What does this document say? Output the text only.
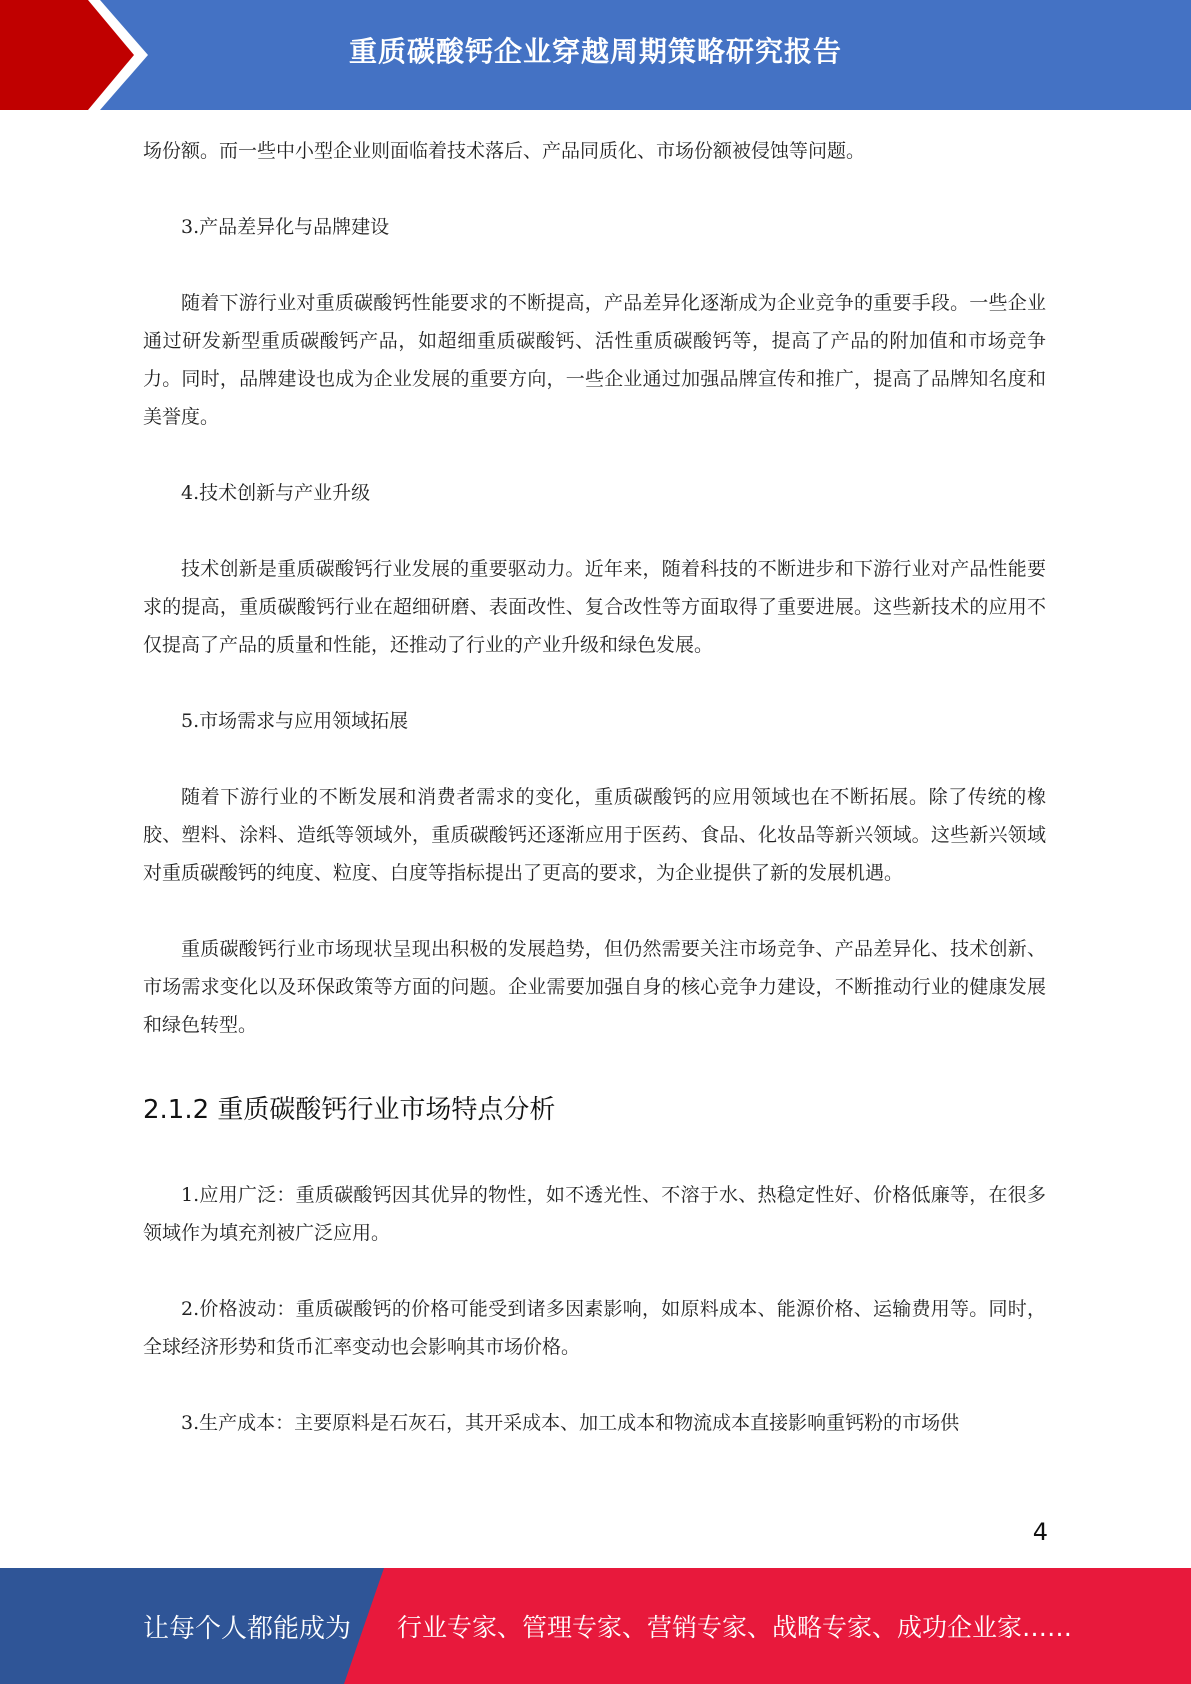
重质碳酸钙企业穿越周期策略研究报告

场份额。而一些中小型企业则面临着技术落后、产品同质化、市场份额被侵蚀等问题。

3.产品差异化与品牌建设

随着下游行业对重质碳酸钙性能要求的不断提高，产品差异化逐渐成为企业竞争的重要手段。一些企业通过研发新型重质碳酸钙产品，如超细重质碳酸钙、活性重质碳酸钙等，提高了产品的附加值和市场竞争力。同时，品牌建设也成为企业发展的重要方向，一些企业通过加强品牌宣传和推广，提高了品牌知名度和美誉度。

4.技术创新与产业升级

技术创新是重质碳酸钙行业发展的重要驱动力。近年来，随着科技的不断进步和下游行业对产品性能要求的提高，重质碳酸钙行业在超细研磨、表面改性、复合改性等方面取得了重要进展。这些新技术的应用不仅提高了产品的质量和性能，还推动了行业的产业升级和绿色发展。

5.市场需求与应用领域拓展

随着下游行业的不断发展和消费者需求的变化，重质碳酸钙的应用领域也在不断拓展。除了传统的橡胶、塑料、涂料、造纸等领域外，重质碳酸钙还逐渐应用于医药、食品、化妆品等新兴领域。这些新兴领域对重质碳酸钙的纯度、粒度、白度等指标提出了更高的要求，为企业提供了新的发展机遇。

重质碳酸钙行业市场现状呈现出积极的发展趋势，但仍然需要关注市场竞争、产品差异化、技术创新、市场需求变化以及环保政策等方面的问题。企业需要加强自身的核心竞争力建设，不断推动行业的健康发展和绿色转型。

2.1.2 重质碳酸钙行业市场特点分析

1.应用广泛：重质碳酸钙因其优异的物性，如不透光性、不溶于水、热稳定性好、价格低廉等，在很多领域作为填充剂被广泛应用。

2.价格波动：重质碳酸钙的价格可能受到诸多因素影响，如原料成本、能源价格、运输费用等。同时，全球经济形势和货币汇率变动也会影响其市场价格。

3.生产成本：主要原料是石灰石，其开采成本、加工成本和物流成本直接影响重钙粉的市场供

4
让每个人都能成为 行业专家、管理专家、营销专家、战略专家、成功企业家……
